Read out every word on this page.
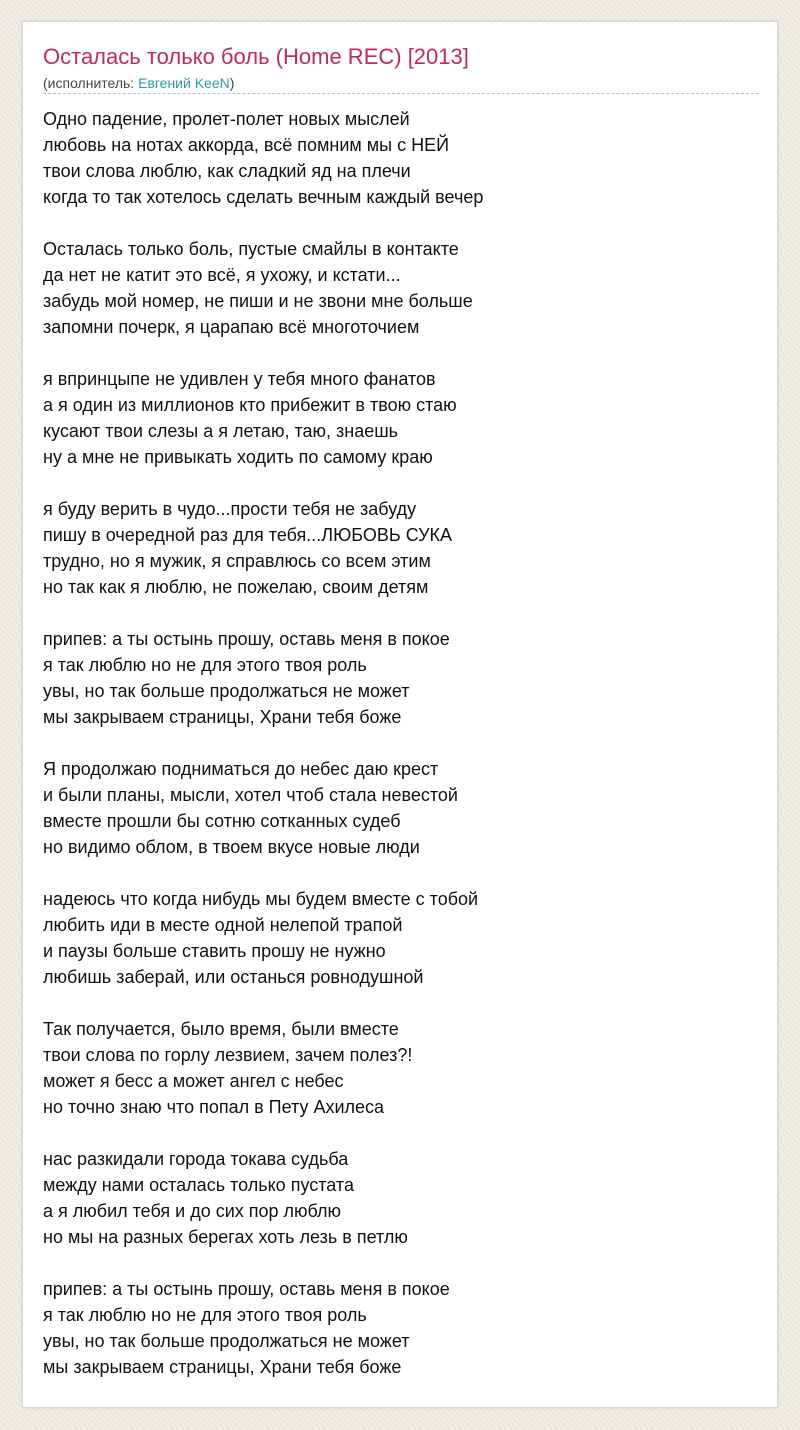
Осталась только боль (Home REC) [2013]
(исполнитель: Евгений KeeN)
Одно падение, пролет-полет новых мыслей
любовь на нотах аккорда, всё помним мы с НЕЙ
твои слова люблю, как сладкий яд на плечи
когда то так хотелось сделать вечным каждый вечер
Осталась только боль, пустые смайлы в контакте
да нет не катит это всё, я ухожу, и кстати...
забудь мой номер, не пиши и не звони мне больше
запомни почерк, я царапаю всё многоточием
я впринцыпе не удивлен у тебя много фанатов
а я один из миллионов кто прибежит в твою стаю
кусают твои слезы а я летаю, таю, знаешь
ну а мне не привыкать ходить по самому краю
я буду верить в чудо...прости тебя не забуду
пишу в очередной раз для тебя...ЛЮБОВЬ СУКА
трудно, но я мужик, я справлюсь со всем этим
но так как я люблю, не пожелаю, своим детям
припев: а ты остынь прошу, оставь меня в покое
я так люблю но не для этого твоя роль
увы, но так больше продолжаться не может
мы закрываем страницы, Храни тебя боже
Я продолжаю подниматься до небес даю крест
и были планы, мысли, хотел чтоб стала невестой
вместе прошли бы сотню сотканных судеб
но видимо облом, в твоем вкусе новые люди
надеюсь что когда нибудь мы будем вместе с тобой
любить иди в месте одной нелепой трапой
и паузы больше ставить прошу не нужно
любишь заберай, или останься ровнодушной
Так получается, было время, были вместе
твои слова по горлу лезвием, зачем полез?!
может я бесс а может ангел с небес
но точно знаю что попал в Пету Ахилеса
нас разкидали города токава судьба
между нами осталась только пустата
а я любил тебя и до сих пор люблю
но мы на разных берегах хоть лезь в петлю
припев: а ты остынь прошу, оставь меня в покое
я так люблю но не для этого твоя роль
увы, но так больше продолжаться не может
мы закрываем страницы, Храни тебя боже
